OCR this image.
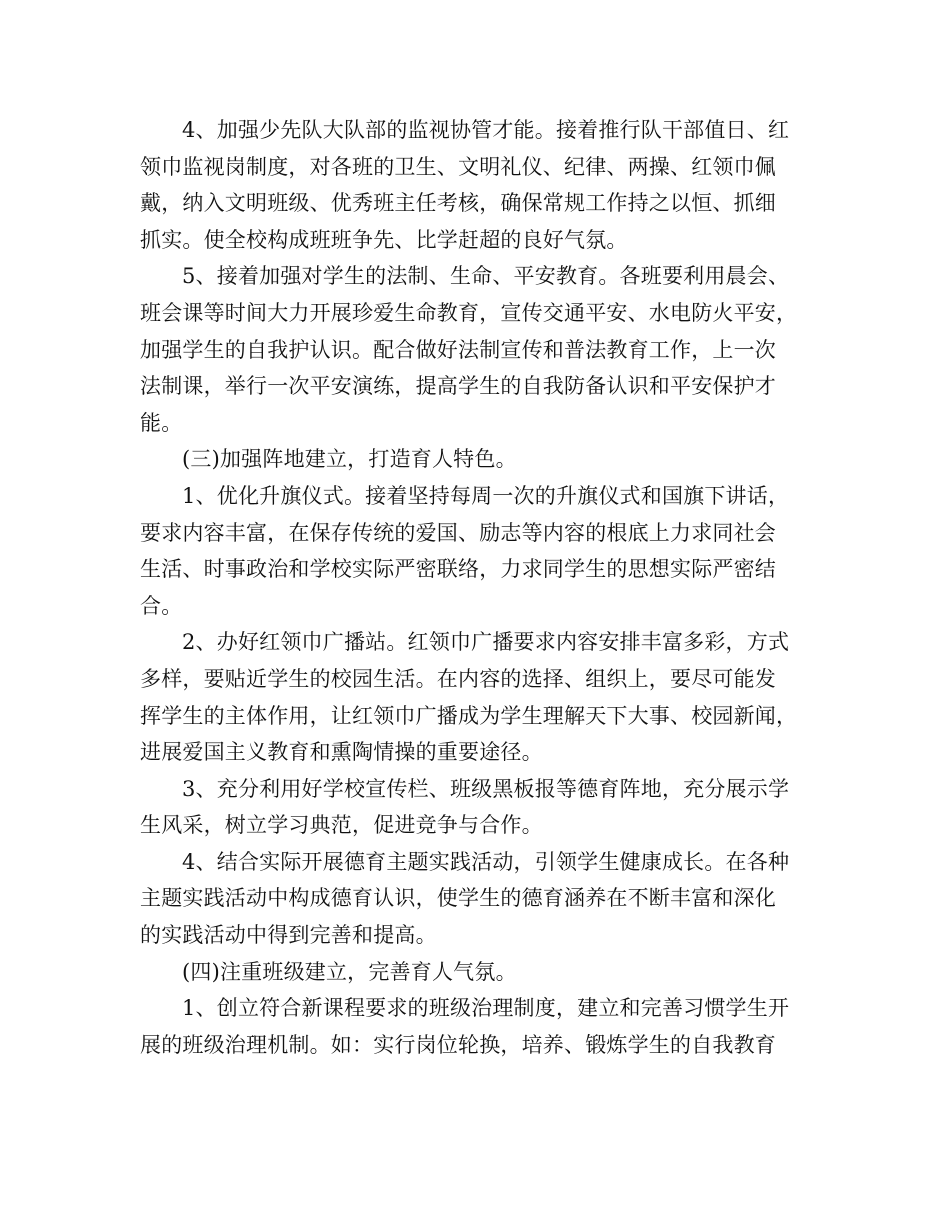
4、加强少先队大队部的监视协管才能。接着推行队干部值日、红
领巾监视岗制度，对各班的卫生、文明礼仪、纪律、两操、红领巾佩
戴，纳入文明班级、优秀班主任考核，确保常规工作持之以恒、抓细
抓实。使全校构成班班争先、比学赶超的良好气氛。

5、接着加强对学生的法制、生命、平安教育。各班要利用晨会、
班会课等时间大力开展珍爱生命教育，宣传交通平安、水电防火平安，
加强学生的自我护认识。配合做好法制宣传和普法教育工作，上一次
法制课，举行一次平安演练，提高学生的自我防备认识和平安保护才
能。

(三)加强阵地建立，打造育人特色。

1、优化升旗仪式。接着坚持每周一次的升旗仪式和国旗下讲话，
要求内容丰富，在保存传统的爱国、励志等内容的根底上力求同社会
生活、时事政治和学校实际严密联络，力求同学生的思想实际严密结
合。

2、办好红领巾广播站。红领巾广播要求内容安排丰富多彩，方式
多样，要贴近学生的校园生活。在内容的选择、组织上，要尽可能发
挥学生的主体作用，让红领巾广播成为学生理解天下大事、校园新闻，
进展爱国主义教育和熏陶情操的重要途径。

3、充分利用好学校宣传栏、班级黑板报等德育阵地，充分展示学
生风采，树立学习典范，促进竞争与合作。

4、结合实际开展德育主题实践活动，引领学生健康成长。在各种
主题实践活动中构成德育认识，使学生的德育涵养在不断丰富和深化
的实践活动中得到完善和提高。

(四)注重班级建立，完善育人气氛。

1、创立符合新课程要求的班级治理制度，建立和完善习惯学生开
展的班级治理机制。如：实行岗位轮换，培养、锻炼学生的自我教育
